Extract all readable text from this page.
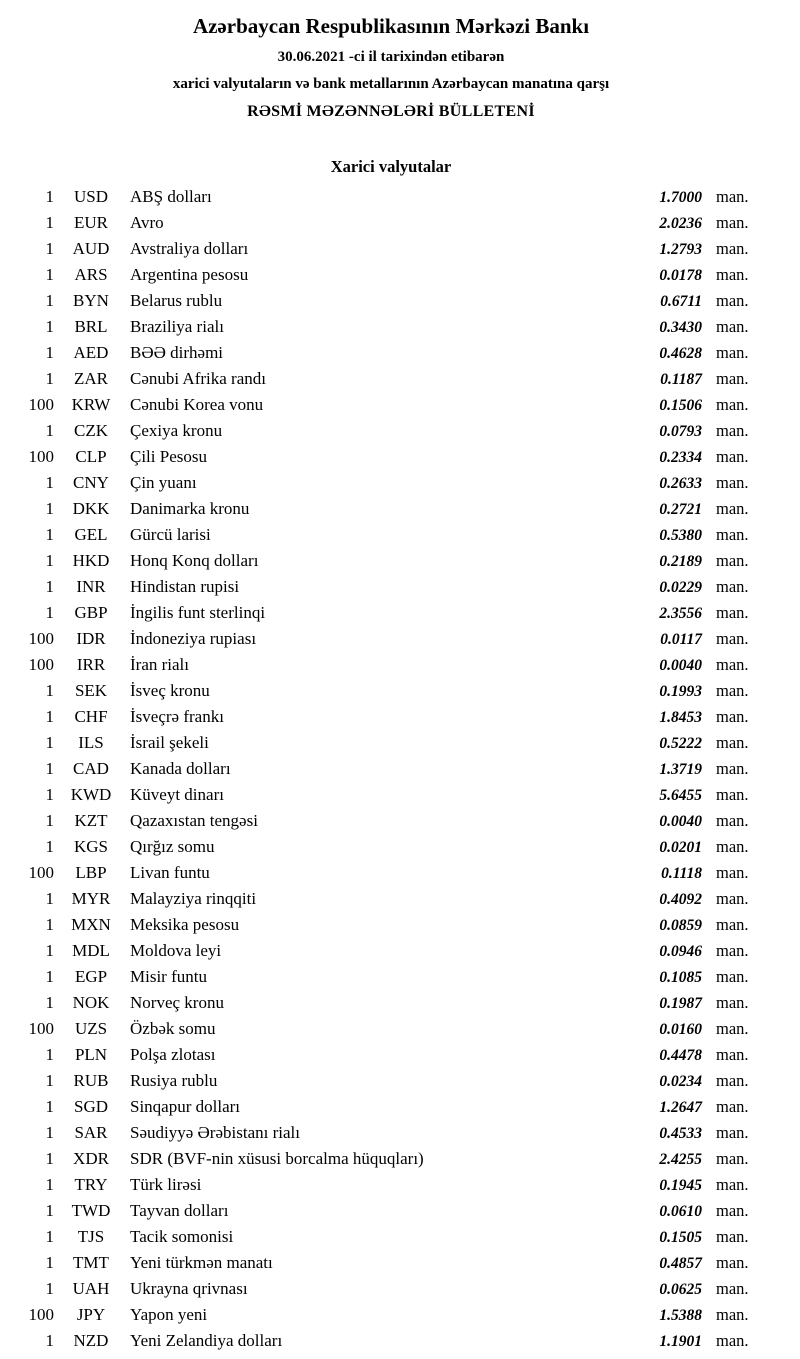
Azərbaycan Respublikasının Mərkəzi Bankı
30.06.2021 -ci il tarixindən etibarən
xarici valyutaların və bank metallarının Azərbaycan manatına qarşı
RƏSMİ MƏZƏNNƏLƏRİ BÜLLETENİ
Xarici valyutalar
1	USD	ABŞ dolları	1.7000 man.
1	EUR	Avro	2.0236 man.
1	AUD	Avstraliya dolları	1.2793 man.
1	ARS	Argentina pesosu	0.0178 man.
1	BYN	Belarus rublu	0.6711 man.
1	BRL	Braziliya rialı	0.3430 man.
1	AED	BƏƏ dirhəmi	0.4628 man.
1	ZAR	Cənubi Afrika randı	0.1187 man.
100	KRW	Cənubi Korea vonu	0.1506 man.
1	CZK	Çexiya kronu	0.0793 man.
100	CLP	Çili Pesosu	0.2334 man.
1	CNY	Çin yuanı	0.2633 man.
1	DKK	Danimarka kronu	0.2721 man.
1	GEL	Gürcü larisi	0.5380 man.
1	HKD	Honq Konq dolları	0.2189 man.
1	INR	Hindistan rupisi	0.0229 man.
1	GBP	İngilis funt sterlinqi	2.3556 man.
100	IDR	İndoneziya rupiası	0.0117 man.
100	IRR	İran rialı	0.0040 man.
1	SEK	İsveç kronu	0.1993 man.
1	CHF	İsveçrə frankı	1.8453 man.
1	ILS	İsrail şekeli	0.5222 man.
1	CAD	Kanada dolları	1.3719 man.
1 KWD	Küveyt dinarı	5.6455 man.
1	KZT	Qazaxıstan tengəsi	0.0040 man.
1	KGS	Qırğız somu	0.0201 man.
100	LBP	Livan funtu	0.1118 man.
1	MYR	Malayziya rinqqiti	0.4092 man.
1	MXN	Meksika pesosu	0.0859 man.
1	MDL	Moldova leyi	0.0946 man.
1	EGP	Misir funtu	0.1085 man.
1	NOK	Norveç kronu	0.1987 man.
100	UZS	Özbək somu	0.0160 man.
1	PLN	Polşa zlotası	0.4478 man.
1	RUB	Rusiya rublu	0.0234 man.
1	SGD	Sinqapur dolları	1.2647 man.
1	SAR	Səudiyyə Ərəbistanı rialı	0.4533 man.
1	XDR	SDR (BVF-nin xüsusi borcalma hüquqları)	2.4255 man.
1	TRY	Türk lirəsi	0.1945 man.
1	TWD	Tayvan dolları	0.0610 man.
1	TJS	Tacik somonisi	0.1505 man.
1	TMT	Yeni türkmən manatı	0.4857 man.
1	UAH	Ukrayna qrivnası	0.0625 man.
100	JPY	Yapon yeni	1.5388 man.
1	NZD	Yeni Zelandiya dolları	1.1901 man.
